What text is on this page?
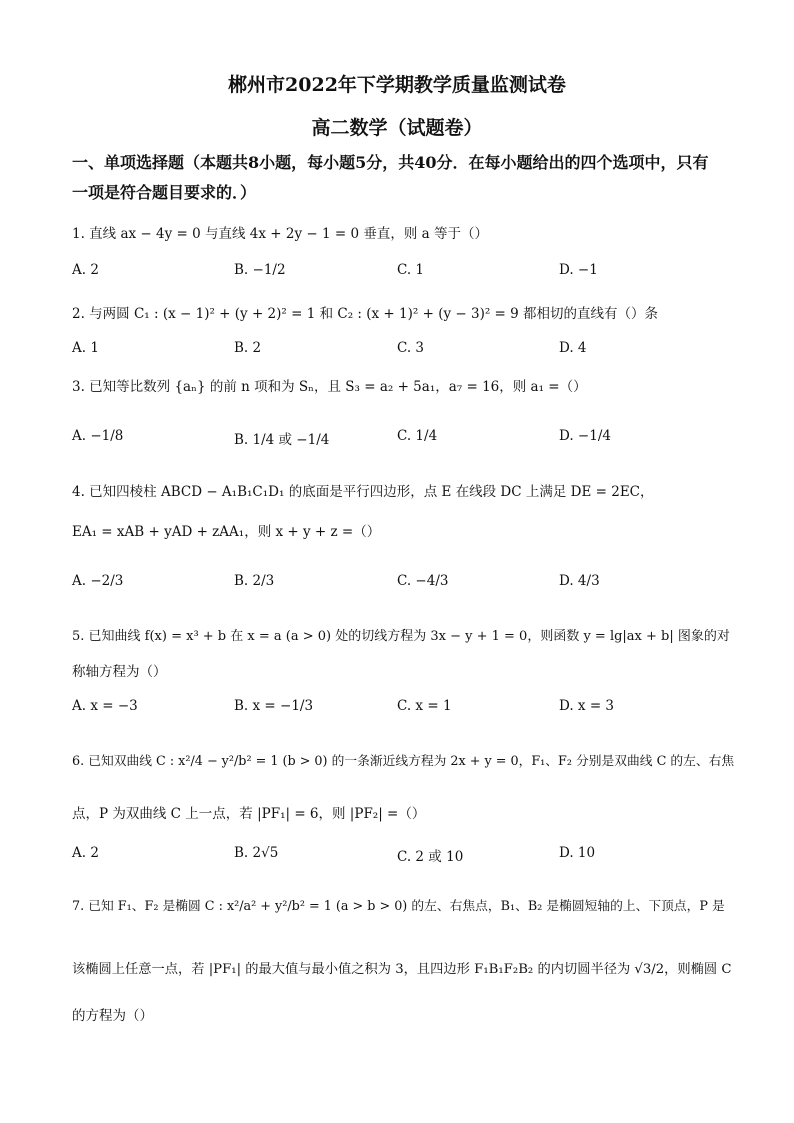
郴州市2022年下学期教学质量监测试卷
高二数学（试题卷）
一、单项选择题（本题共8小题，每小题5分，共40分．在每小题给出的四个选项中，只有
一项是符合题目要求的．）
1. 直线 ax − 4y = 0 与直线 4x + 2y − 1 = 0 垂直，则 a 等于（）
A. 2	B. −1/2	C. 1	D. −1
2. 与两圆 C₁ : (x − 1)² + (y + 2)² = 1 和 C₂ : (x + 1)² + (y − 3)² = 9 都相切的直线有（）条
A. 1	B. 2	C. 3	D. 4
3. 已知等比数列 {aₙ} 的前 n 项和为 Sₙ，且 S₃ = a₂ + 5a₁，a₇ = 16，则 a₁ =（）
A. −1/8	B. 1/4 或 −1/4	C. 1/4	D. −1/4
4. 已知四棱柱 ABCD − A₁B₁C₁D₁ 的底面是平行四边形，点 E 在线段 DC 上满足 DE = 2EC，
EA₁ = xAB + yAD + zAA₁，则 x + y + z =（）
A. −2/3	B. 2/3	C. −4/3	D. 4/3
5. 已知曲线 f(x) = x³ + b 在 x = a (a > 0) 处的切线方程为 3x − y + 1 = 0，则函数 y = lg|ax + b| 图象的对
称轴方程为（）
A. x = −3	B. x = −1/3	C. x = 1	D. x = 3
6. 已知双曲线 C : x²/4 − y²/b² = 1 (b > 0) 的一条渐近线方程为 2x + y = 0，F₁、F₂ 分别是双曲线 C 的左、右焦
点，P 为双曲线 C 上一点，若 |PF₁| = 6，则 |PF₂| =（）
A. 2	B. 2√5	C. 2 或 10	D. 10
7. 已知 F₁、F₂ 是椭圆 C : x²/a² + y²/b² = 1 (a > b > 0) 的左、右焦点，B₁、B₂ 是椭圆短轴的上、下顶点，P 是
该椭圆上任意一点，若 |PF₁| 的最大值与最小值之积为 3，且四边形 F₁B₁F₂B₂ 的内切圆半径为 √3/2，则椭圆 C
的方程为（）
